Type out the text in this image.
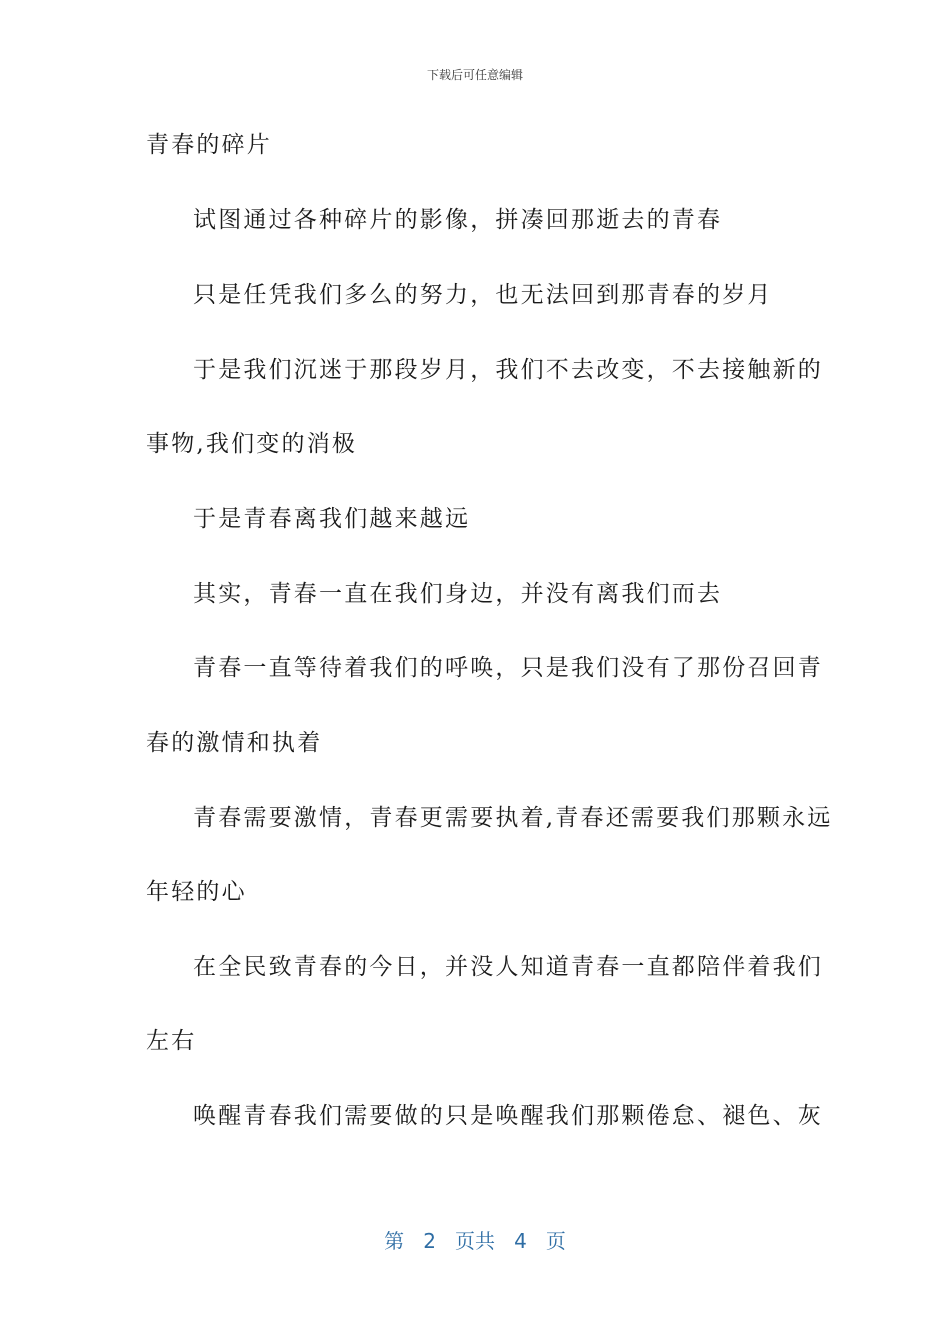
下载后可任意编辑
青春的碎片
试图通过各种碎片的影像，拼凑回那逝去的青春
只是任凭我们多么的努力，也无法回到那青春的岁月
于是我们沉迷于那段岁月，我们不去改变，不去接触新的
事物,我们变的消极
于是青春离我们越来越远
其实，青春一直在我们身边，并没有离我们而去
青春一直等待着我们的呼唤，只是我们没有了那份召回青
春的激情和执着
青春需要激情，青春更需要执着,青春还需要我们那颗永远
年轻的心
在全民致青春的今日，并没人知道青春一直都陪伴着我们
左右
唤醒青春我们需要做的只是唤醒我们那颗倦怠、褪色、灰
第 2 页共 4 页
